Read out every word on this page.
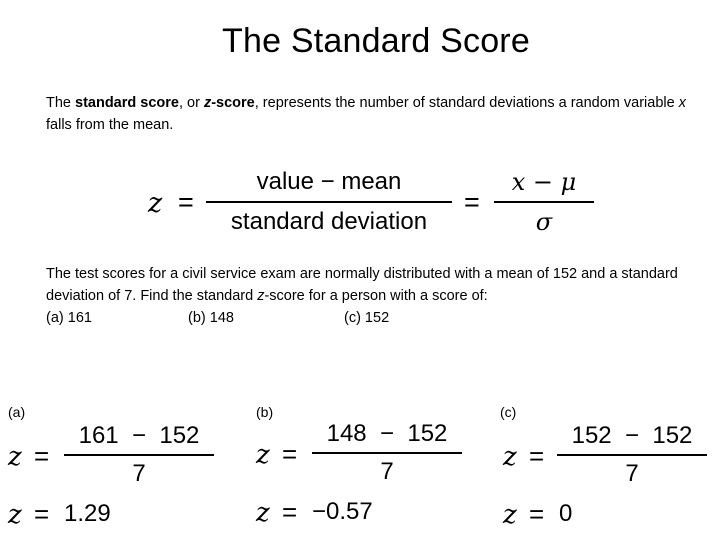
The Standard Score
The standard score, or z-score, represents the number of standard deviations a random variable x falls from the mean.
z =
value − mean
standard deviation
=
x − μ
σ
The test scores for a civil service exam are normally distributed with a mean of 152 and a standard deviation of 7. Find the standard z-score for a person with a score of:
(a) 161	(b) 148	(c) 152
(a)
z =
161  −  152
7
z = 1.29
(b)
z =
148  −  152
7
z = −0.57
(c)
z =
152  −  152
7
z = 0
